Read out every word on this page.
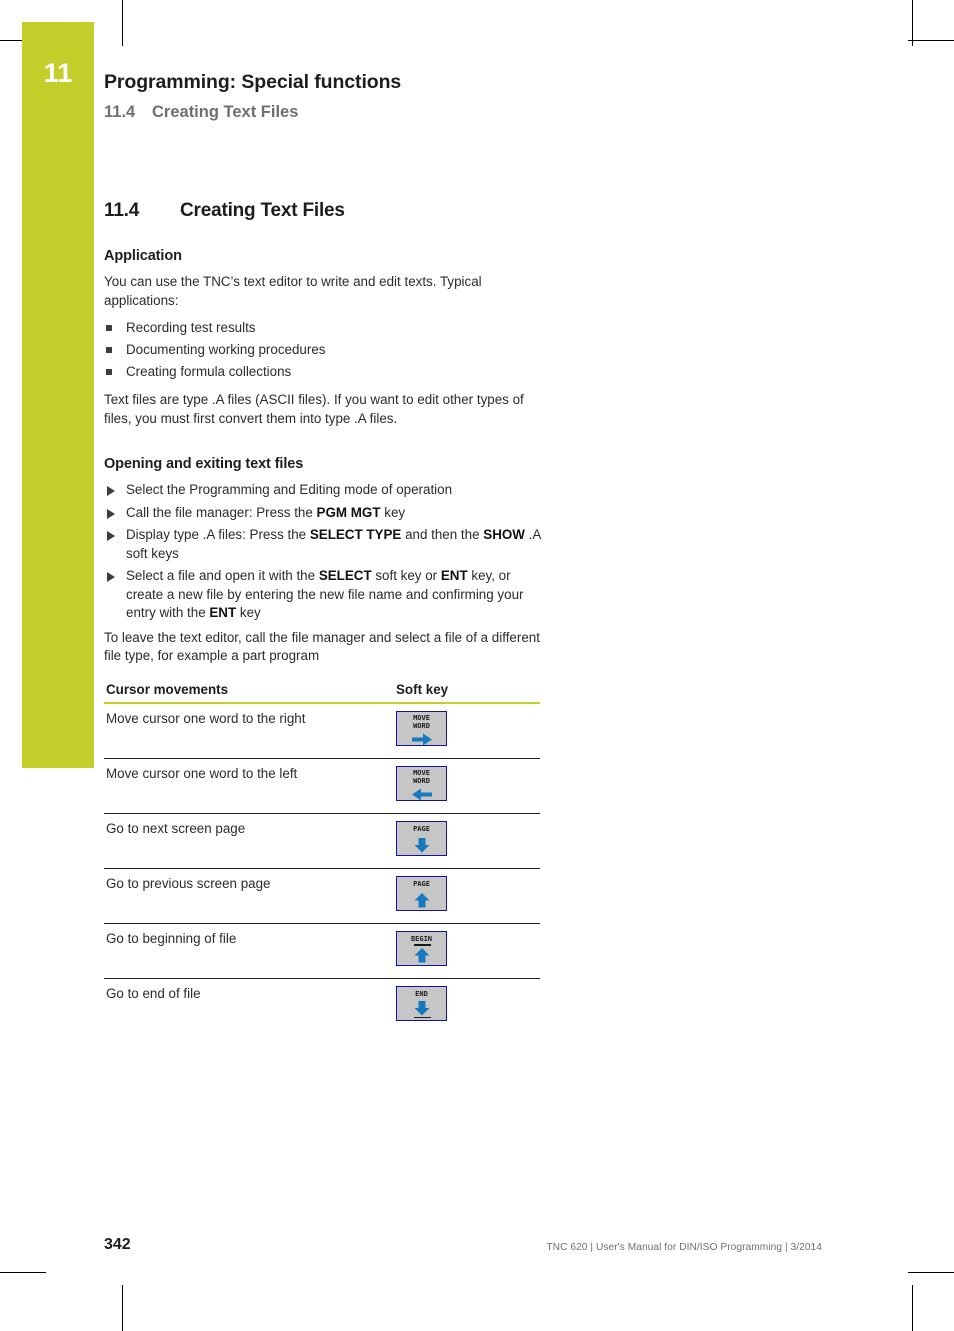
11	Programming: Special functions
11.4 Creating Text Files
11.4 Creating Text Files
Application

You can use the TNC’s text editor to write and edit texts. Typical applications:

Recording test results
Documenting working procedures
Creating formula collections

Text files are type .A files (ASCII files). If you want to edit other types of files, you must first convert them into type .A files.

Opening and exiting text files
Select the Programming and Editing mode of operation
Call the file manager: Press the PGM MGT key
Display type .A files: Press the SELECT TYPE and then the SHOW .A soft keys
Select a file and open it with the SELECT soft key or ENT key, or create a new file by entering the new file name and confirming your entry with the ENT key

To leave the text editor, call the file manager and select a file of a different file type, for example a part program

Cursor movements	Soft key
Move cursor one word to the right	MOVE
WORD

Move cursor one word to the left	MOVE
WORD

Go to next screen page	PAGE

Go to previous screen page	PAGE

Go to beginning of file	BEGIN

Go to end of file	END
342	TNC 620 | User's Manual for DIN/ISO Programming | 3/2014
